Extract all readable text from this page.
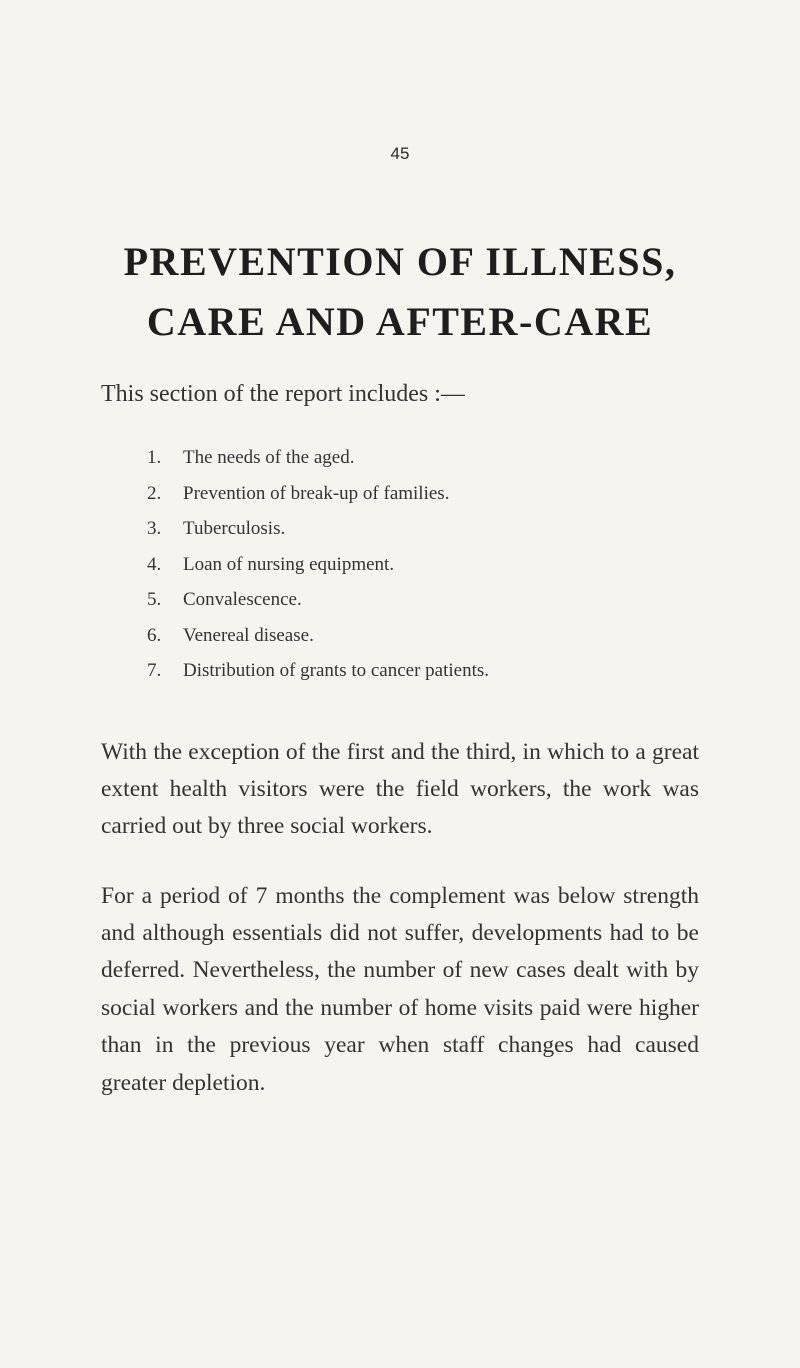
45
PREVENTION OF ILLNESS,
CARE AND AFTER-CARE
This section of the report includes :—
1. The needs of the aged.
2. Prevention of break-up of families.
3. Tuberculosis.
4. Loan of nursing equipment.
5. Convalescence.
6. Venereal disease.
7. Distribution of grants to cancer patients.

With the exception of the first and the third, in which to a great extent health visitors were the field workers, the work was carried out by three social workers.

For a period of 7 months the complement was below strength and although essentials did not suffer, developments had to be deferred. Nevertheless, the number of new cases dealt with by social workers and the number of home visits paid were higher than in the previous year when staff changes had caused greater depletion.
